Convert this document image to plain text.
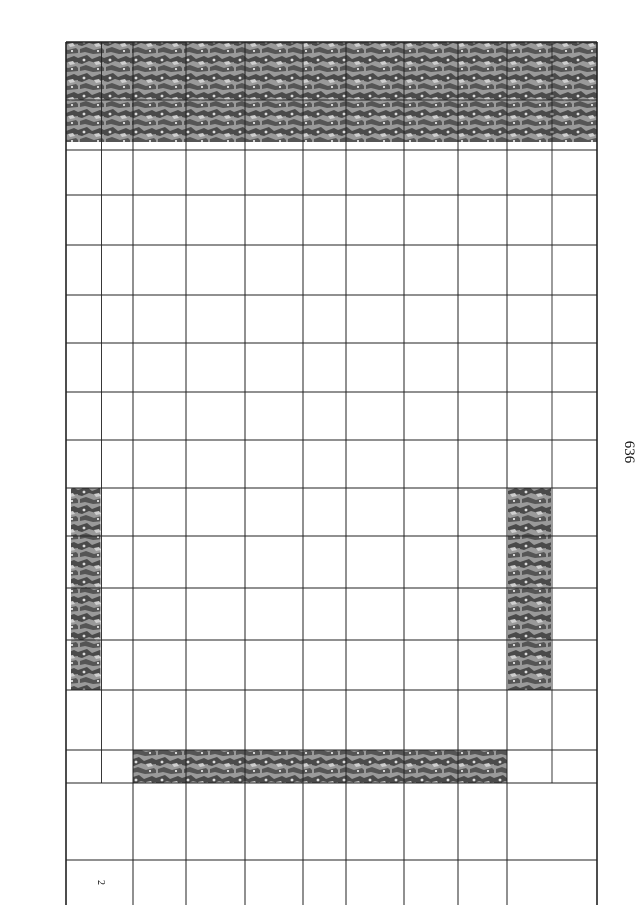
2
636
